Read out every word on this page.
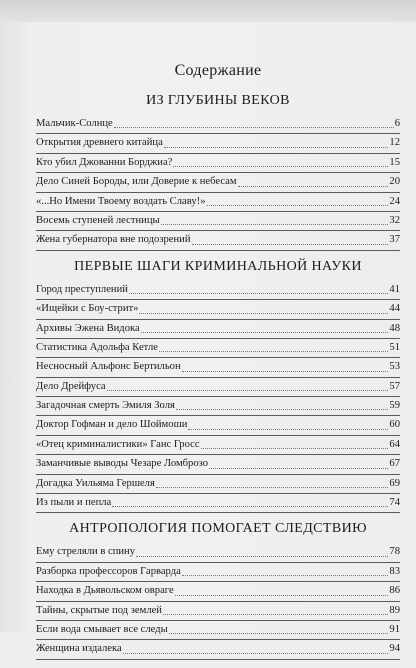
Содержание
ИЗ ГЛУБИНЫ ВЕКОВ
Мальчик-Солнце	6
Открытия древнего китайца	12
Кто убил Джованни Борджиа?	15
Дело Синей Бороды, или Доверие к небесам	20
«...Но Имени Твоему воздать Славу!»	24
Восемь ступеней лестницы	32
Жена губернатора вне подозрений	37
ПЕРВЫЕ ШАГИ КРИМИНАЛЬНОЙ НАУКИ
Город преступлений	41
«Ищейки с Боу-стрит»	44
Архивы Эжена Видока	48
Статистика Адольфа Кетле	51
Несносный Альфонс Бертильон	53
Дело Дрейфуса	57
Загадочная смерть Эмиля Золя	59
Доктор Гофман и дело Шоймоши	60
«Отец криминалистики» Ганс Гросс	64
Заманчивые выводы Чезаре Ломброзо	67
Догадка Уильяма Гершеля	69
Из пыли и пепла	74
АНТРОПОЛОГИЯ ПОМОГАЕТ СЛЕДСТВИЮ
Ему стреляли в спину	78
Разборка профессоров Гарварда	83
Находка в Дьявольском овраге	86
Тайны, скрытые под землей	89
Если вода смывает все следы	91
Женщина издалека	94
